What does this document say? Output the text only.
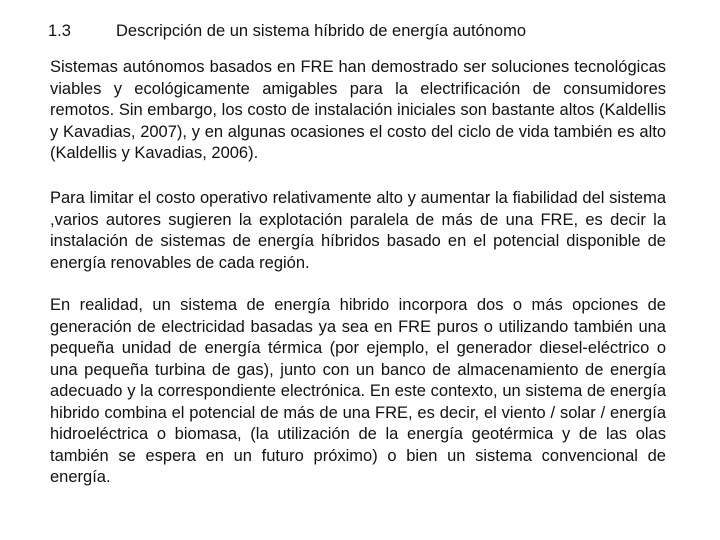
1.3	Descripción de un sistema híbrido de energía autónomo

Sistemas autónomos basados en FRE han demostrado ser soluciones tecnológicas viables y ecológicamente amigables para la electrificación de consumidores remotos. Sin embargo, los costo de instalación iniciales son bastante altos (Kaldellis y Kavadias, 2007), y en algunas ocasiones el costo del ciclo de vida también es alto (Kaldellis y Kavadias, 2006).

Para limitar el costo operativo relativamente alto y aumentar la fiabilidad del sistema ,varios autores sugieren la explotación paralela de más de una FRE, es decir la instalación de sistemas de energía híbridos basado en el potencial disponible de energía renovables de cada región.

En realidad, un sistema de energía hibrido incorpora dos o más opciones de generación de electricidad basadas ya sea en FRE puros o utilizando también una pequeña unidad de energía térmica (por ejemplo, el generador diesel-eléctrico o una pequeña turbina de gas), junto con un banco de almacenamiento de energía adecuado y la correspondiente electrónica. En este contexto, un sistema de energía hibrido combina el potencial de más de una FRE, es decir, el viento / solar / energía hidroeléctrica o biomasa, (la utilización de la energía geotérmica y de las olas también se espera en un futuro próximo) o bien un sistema convencional de energía.
